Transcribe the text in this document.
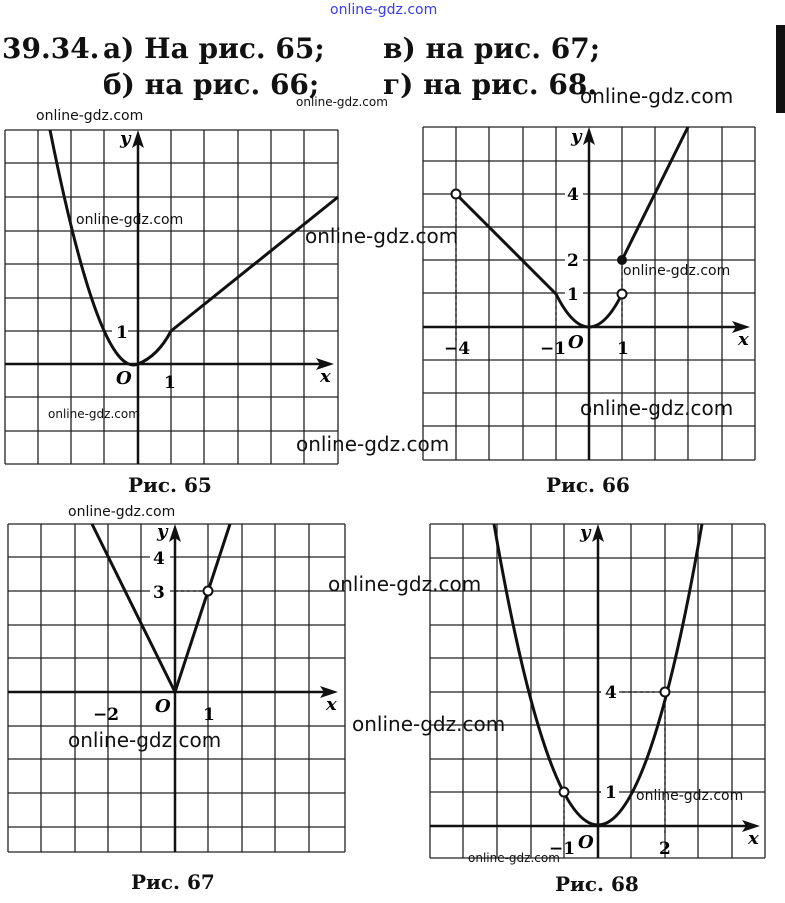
online-gdz.com
39.34. а) На рис. 65; в) на рис. 67;
б) на рис. 66; г) на рис. 68.
1
1
O
y
x
Рис. 65
4
2
1
−4	−1	1
O
y
x
Рис. 66
4
3
−2	1
O
y
x
Рис. 67
4
1
−1	2
O
y
x
Рис. 68
online-gdz.com	online-gdz.com
online-gdz.com
online-gdz.com
online-gdz.com
online-gdz.com
online-gdz.com
online-gdz.com
online-gdz.com
online-gdz.com
online-gdz.com
online-gdz.com
online-gdz.com
online-gdz.com
online-gdz.com
